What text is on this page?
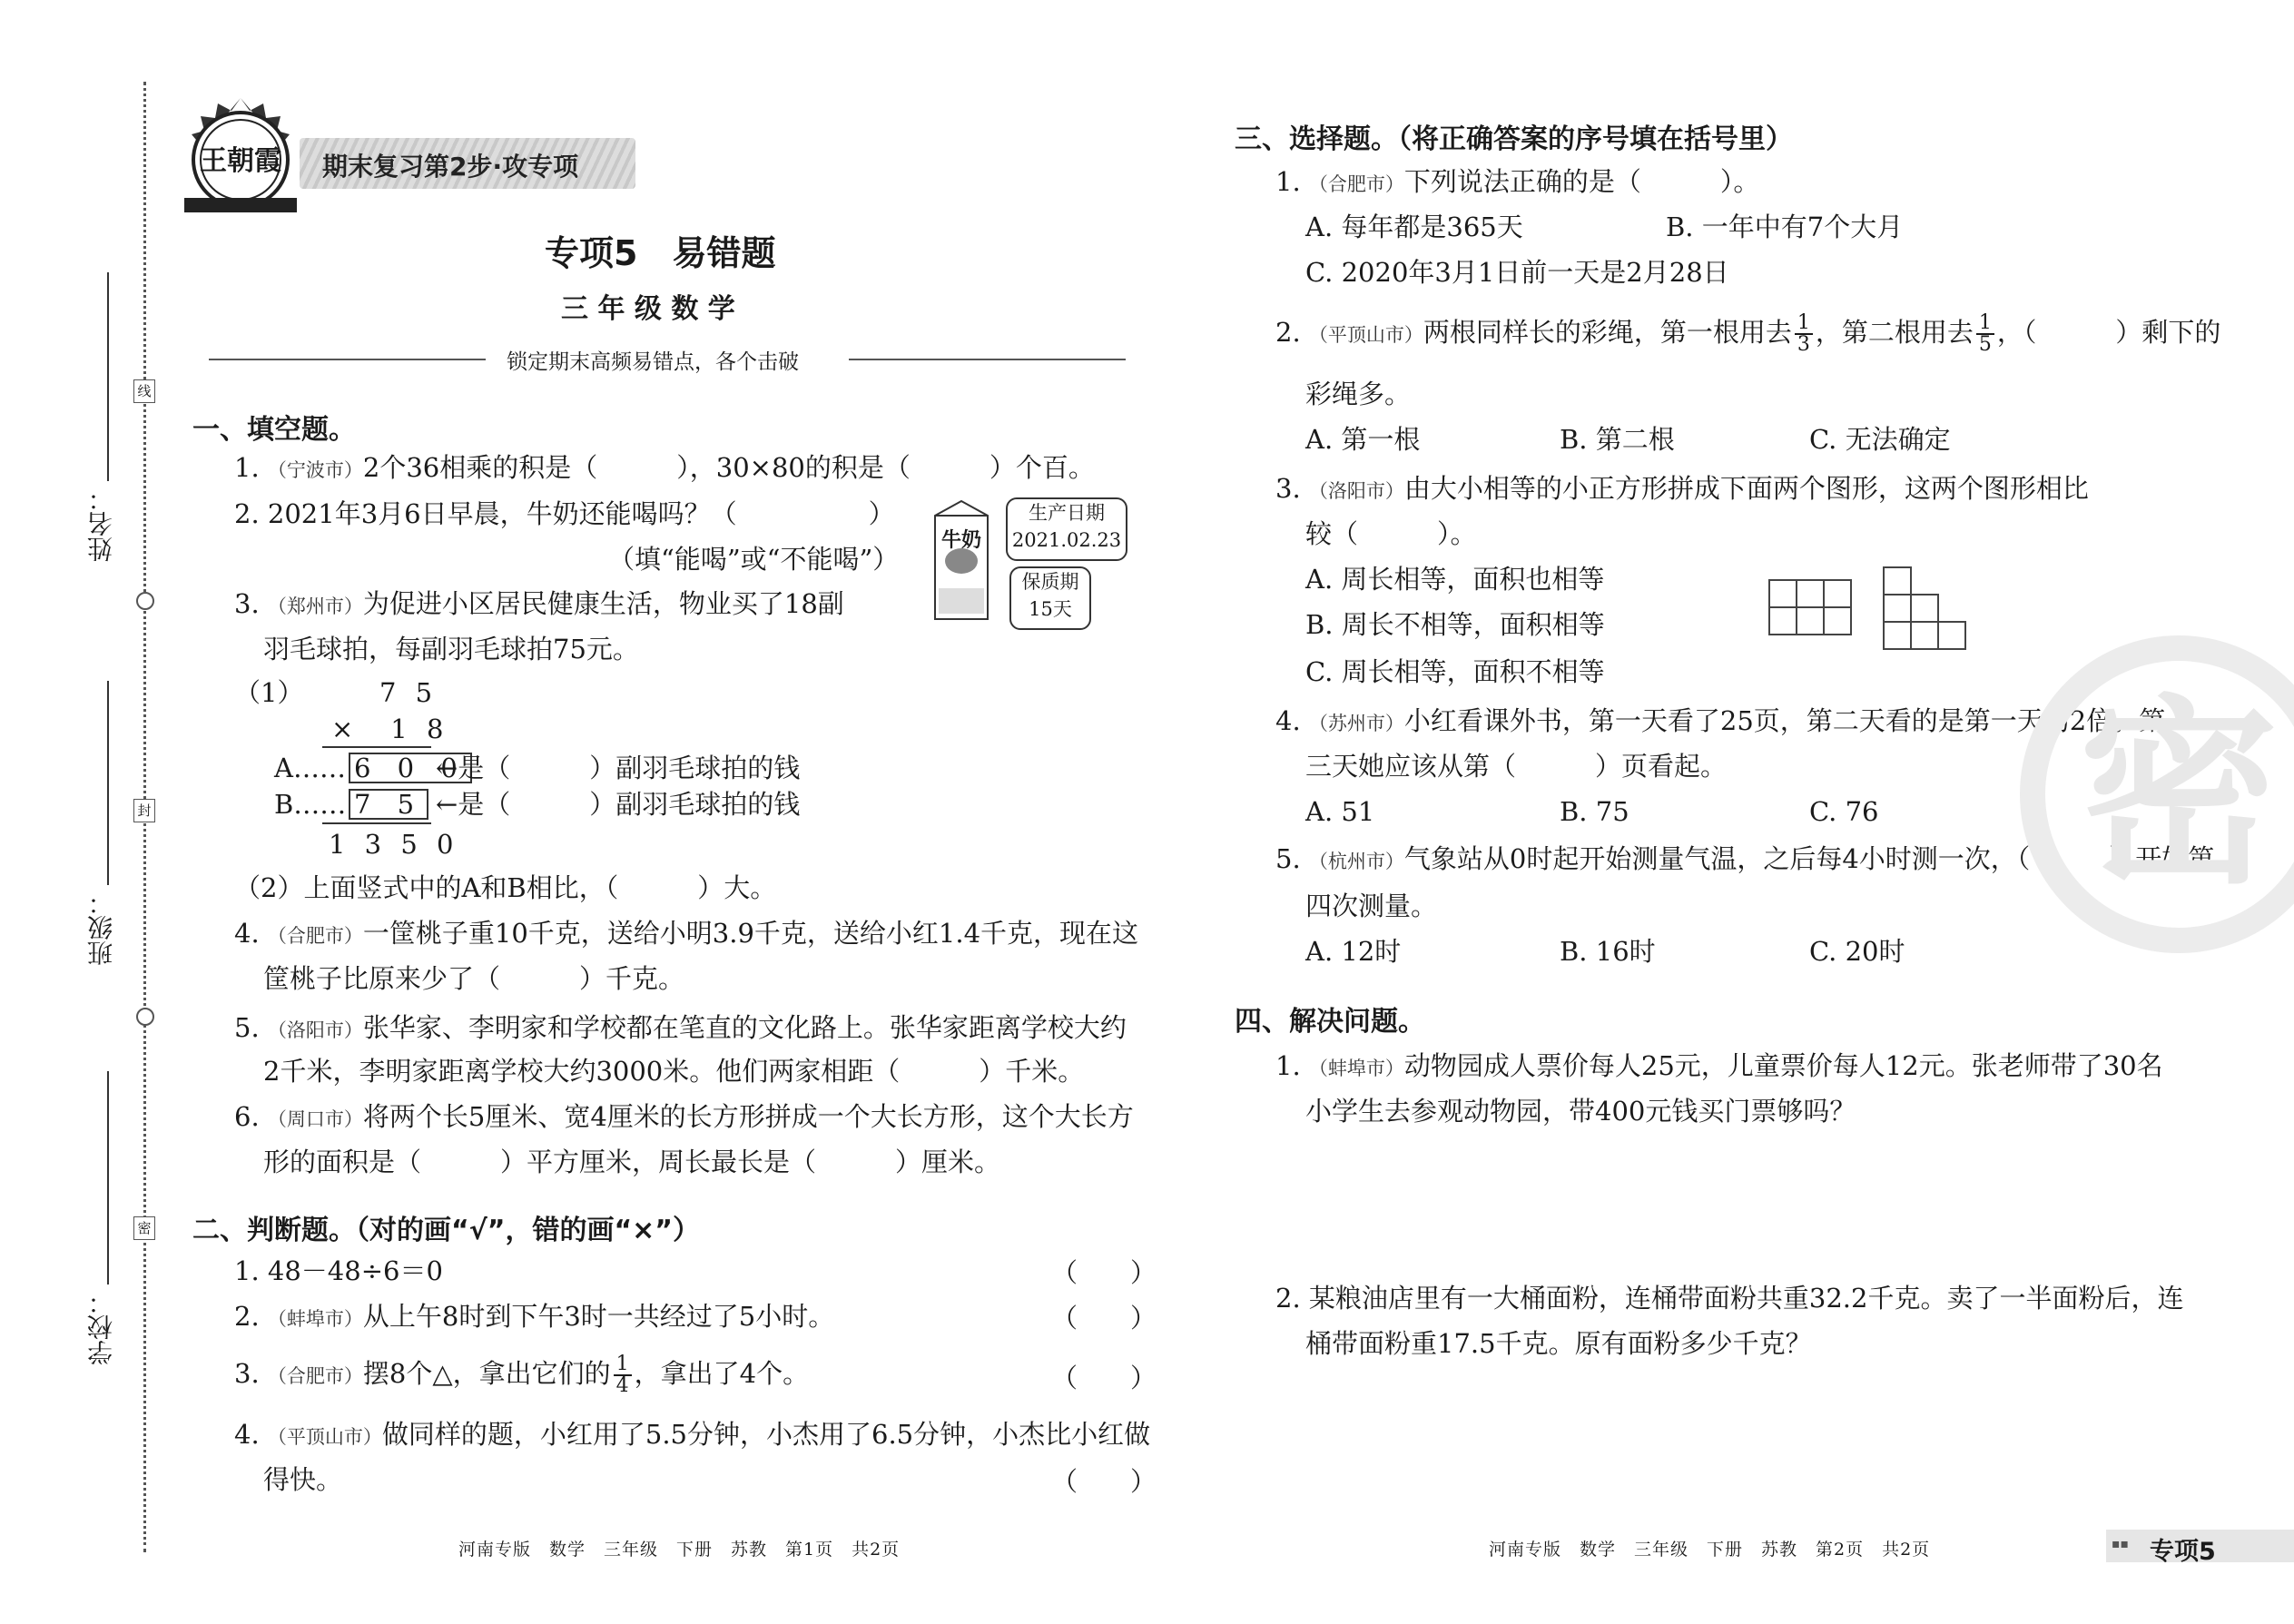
线
封
密
姓名：
班级：
学校：
王朝霞 期末复习第2步·攻专项
专项5　易错题
三 年 级 数 学
锁定期末高频易错点，各个击破
一、填空题。
1. （宁波市）2个36相乘的积是（　　　），30×80的积是（　　　）个百。
2. 2021年3月6日早晨，牛奶还能喝吗？（　　　　　）
（填“能喝”或“不能喝”）
牛奶
生产日期
2021.02.23
保质期
15天
3. （郑州市）为促进小区居民健康生活，物业买了18副
羽毛球拍，每副羽毛球拍75元。
（1）	7 5
×　1 8
A…… 6 0 0
←是（　　　）副羽毛球拍的钱
B…… 7 5 ←是（　　　）副羽毛球拍的钱
1 3 5 0
（2）上面竖式中的A和B相比，（　　　）大。
4. （合肥市）一筐桃子重10千克，送给小明3.9千克，送给小红1.4千克，现在这
筐桃子比原来少了（　　　）千克。
5. （洛阳市）张华家、李明家和学校都在笔直的文化路上。张华家距离学校大约
2千米，李明家距离学校大约3000米。他们两家相距（　　　）千米。
6. （周口市）将两个长5厘米、宽4厘米的长方形拼成一个大长方形，这个大长方
形的面积是（　　　）平方厘米，周长最长是（　　　）厘米。
二、判断题。（对的画“√”，错的画“×”）
1. 48－48÷6＝0	（　　）
2. （蚌埠市）从上午8时到下午3时一共经过了5小时。	（　　）
3. （合肥市）摆8个△，拿出它们的 $\frac{1}{4}$ ，拿出了4个。	（　　）
4. （平顶山市）做同样的题，小红用了5.5分钟，小杰用了6.5分钟，小杰比小红做
得快。	（　　）
河南专版　数学　三年级　下册　苏教　第1页　共2页
三、选择题。（将正确答案的序号填在括号里）
1. （合肥市）下列说法正确的是（　　　）。
A. 每年都是365天	B. 一年中有7个大月
C. 2020年3月1日前一天是2月28日
2. （平顶山市）两根同样长的彩绳，第一根用去 $\frac{1}{3}$ ，第二根用去 $\frac{1}{5}$ ，（　　　）剩下的
彩绳多。
A. 第一根	B. 第二根	C. 无法确定
3. （洛阳市）由大小相等的小正方形拼成下面两个图形，这两个图形相比
较（　　　）。
A. 周长相等，面积也相等
B. 周长不相等，面积相等
C. 周长相等，面积不相等

4. （苏州市）小红看课外书，第一天看了25页，第二天看的是第一天的2倍。第
三天她应该从第（　　　）页看起。
A. 51	B. 75	C. 76
5. （杭州市）气象站从0时起开始测量气温，之后每4小时测一次，（　　　）开始第
四次测量。
A. 12时	B. 16时	C. 20时
四、解决问题。
1. （蚌埠市）动物园成人票价每人25元，儿童票价每人12元。张老师带了30名
小学生去参观动物园，带400元钱买门票够吗？
2. 某粮油店里有一大桶面粉，连桶带面粉共重32.2千克。卖了一半面粉后，连
桶带面粉重17.5千克。原有面粉多少千克？
密
河南专版　数学　三年级　下册　苏教　第2页　共2页	▪▪ 专项5
